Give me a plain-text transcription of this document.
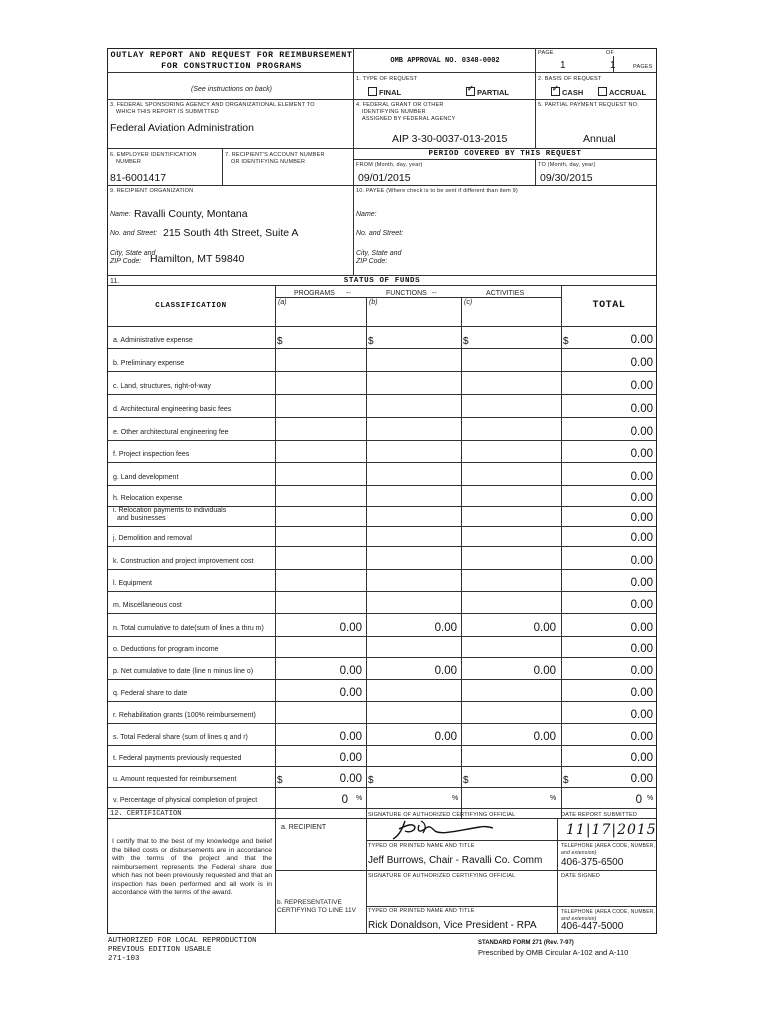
OUTLAY REPORT AND REQUEST FOR REIMBURSEMENT
FOR CONSTRUCTION PROGRAMS
(See instructions on back)
OMB APPROVAL NO. 0348-0002
PAGE	OF
1	1	PAGES
1. TYPE OF REQUEST
FINAL
✓	PARTIAL
2. BASIS OF REQUEST
✓CASH	ACCRUAL
3. FEDERAL SPONSORING AGENCY AND ORGANIZATIONAL ELEMENT TO
WHICH THIS REPORT IS SUBMITTED
Federal Aviation Administration
4. FEDERAL GRANT OR OTHER
IDENTIFYING NUMBER
ASSIGNED BY FEDERAL AGENCY
AIP 3-30-0037-013-2015
5. PARTIAL PAYMENT REQUEST NO.
Annual
6. EMPLOYER IDENTIFICATION
NUMBER
81-6001417
7. RECIPIENT'S ACCOUNT NUMBER
OR IDENTIFYING NUMBER
PERIOD COVERED BY THIS REQUEST
FROM (Month, day, year)
09/01/2015
TO (Month, day, year)
09/30/2015
9. RECIPIENT ORGANIZATION
Name: Ravalli County, Montana
No. and Street: 215 South 4th Street, Suite A
City, State and
ZIP Code: Hamilton, MT 59840
10. PAYEE (Where check is to be sent if different than item 9)
Name:
No. and Street:
City, State and
ZIP Code:
11.	STATUS OF FUNDS
PROGRAMS --	FUNCTIONS --	ACTIVITIES
CLASSIFICATION	(a)	(b)	(c)	TOTAL
a. Administrative expense	$	$	$	$	0.00
b. Preliminary expense	0.00
c. Land, structures, right-of-way	0.00
d. Architectural engineering basic fees	0.00
e. Other architectural engineering fee	0.00
f. Project inspection fees	0.00
g. Land development	0.00
h. Relocation expense	0.00
i. Relocation payments to individuals
and businesses	0.00
j. Demolition and removal	0.00
k. Construction and project improvement cost	0.00
l. Equipment	0.00
m. Miscellaneous cost	0.00
n. Total cumulative to date(sum of lines a thru m)	0.00	0.00	0.00	0.00
o. Deductions for program income	0.00
p. Net cumulative to date (line n minus line o)	0.00	0.00	0.00	0.00
q. Federal share to date	0.00	0.00
r. Rehabilitation grants (100% reimbursement)	0.00
s. Total Federal share (sum of lines q and r)	0.00	0.00	0.00	0.00
t. Federal payments previously requested	0.00	0.00
u. Amount requested for reimbursement	$	0.00 $	$	$	0.00
v. Percentage of physical completion of project	0 %	%	%	0 %
12. CERTIFICATION
I certify that to the best of my knowledge and belief the billed costs or disbursements are in accordance with the terms of the project and that the reimbursement represents the Federal share due which has not been previously requested and that an inspection has been performed and all work is in accordance with the terms of the award.
a. RECIPIENT
b. REPRESENTATIVE
CERTIFYING TO LINE 11V
SIGNATURE OF AUTHORIZED CERTIFYING OFFICIAL	DATE REPORT SUBMITTED
11|17|2015
TYPED OR PRINTED NAME AND TITLE
Jeff Burrows, Chair - Ravalli Co. Comm
TELEPHONE (AREA CODE, NUMBER,
and extension)
406-375-6500
SIGNATURE OF AUTHORIZED CERTIFYING OFFICIAL	DATE SIGNED
TYPED OR PRINTED NAME AND TITLE
Rick Donaldson, Vice President - RPA
TELEPHONE (AREA CODE, NUMBER,
and extension)
406-447-5000
AUTHORIZED FOR LOCAL REPRODUCTION
PREVIOUS EDITION USABLE
271-103
STANDARD FORM 271 (Rev. 7-97)
Prescribed by OMB Circular A-102 and A-110
